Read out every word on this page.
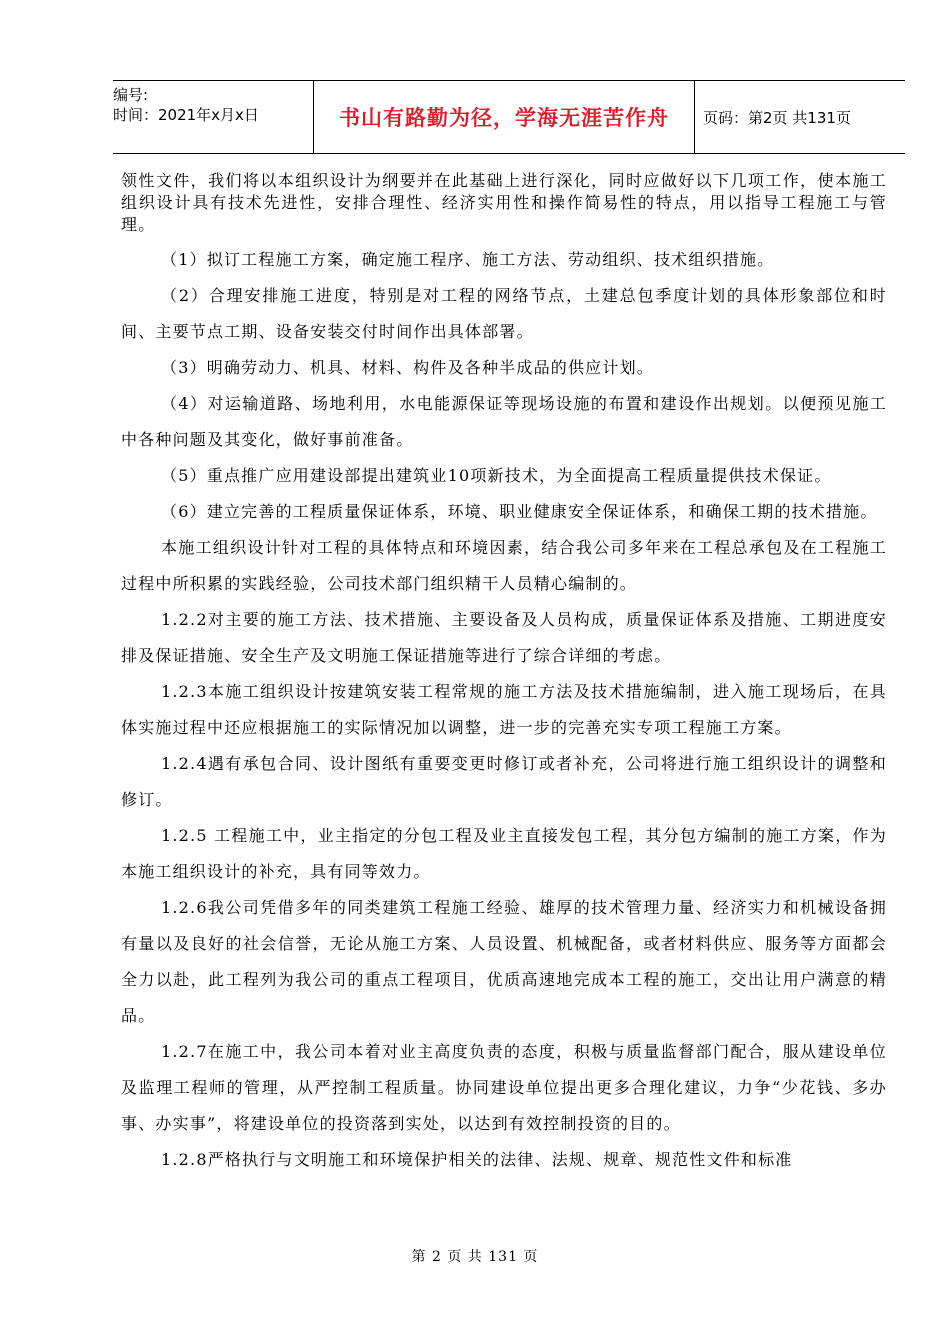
编号:
时间：2021年x月x日	书山有路勤为径，学海无涯苦作舟	页码：第2页 共131页

领性文件，我们将以本组织设计为纲要并在此基础上进行深化，同时应做好以下几项工作，使本施工组织设计具有技术先进性，安排合理性、经济实用性和操作简易性的特点，用以指导工程施工与管理。

（1）拟订工程施工方案，确定施工程序、施工方法、劳动组织、技术组织措施。

（2）合理安排施工进度，特别是对工程的网络节点，土建总包季度计划的具体形象部位和时间、主要节点工期、设备安装交付时间作出具体部署。

（3）明确劳动力、机具、材料、构件及各种半成品的供应计划。

（4）对运输道路、场地利用，水电能源保证等现场设施的布置和建设作出规划。以便预见施工中各种问题及其变化，做好事前准备。

（5）重点推广应用建设部提出建筑业10项新技术，为全面提高工程质量提供技术保证。

（6）建立完善的工程质量保证体系，环境、职业健康安全保证体系，和确保工期的技术措施。

本施工组织设计针对工程的具体特点和环境因素，结合我公司多年来在工程总承包及在工程施工过程中所积累的实践经验，公司技术部门组织精干人员精心编制的。

1.2.2对主要的施工方法、技术措施、主要设备及人员构成，质量保证体系及措施、工期进度安排及保证措施、安全生产及文明施工保证措施等进行了综合详细的考虑。

1.2.3本施工组织设计按建筑安装工程常规的施工方法及技术措施编制，进入施工现场后，在具体实施过程中还应根据施工的实际情况加以调整，进一步的完善充实专项工程施工方案。

1.2.4遇有承包合同、设计图纸有重要变更时修订或者补充，公司将进行施工组织设计的调整和修订。

1.2.5 工程施工中，业主指定的分包工程及业主直接发包工程，其分包方编制的施工方案，作为本施工组织设计的补充，具有同等效力。

1.2.6我公司凭借多年的同类建筑工程施工经验、雄厚的技术管理力量、经济实力和机械设备拥有量以及良好的社会信誉，无论从施工方案、人员设置、机械配备，或者材料供应、服务等方面都会全力以赴，此工程列为我公司的重点工程项目，优质高速地完成本工程的施工，交出让用户满意的精品。

1.2.7在施工中，我公司本着对业主高度负责的态度，积极与质量监督部门配合，服从建设单位及监理工程师的管理，从严控制工程质量。协同建设单位提出更多合理化建议，力争“少花钱、多办事、办实事”，将建设单位的投资落到实处，以达到有效控制投资的目的。

1.2.8严格执行与文明施工和环境保护相关的法律、法规、规章、规范性文件和标准

第 2 页 共 131 页
